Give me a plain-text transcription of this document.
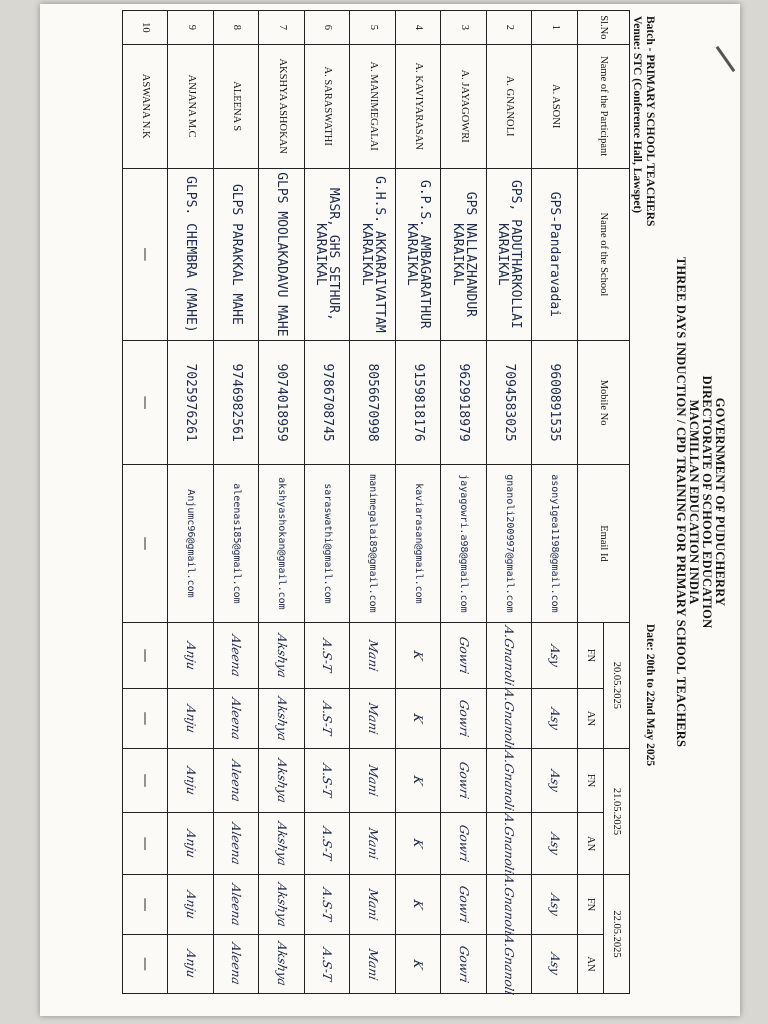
GOVERNMENT OF PUDUCHERRY
DIRECTORATE OF SCHOOL EDUCATION
MACMILLAN EDUCATION INDIA
THREE DAYS INDUCTION / CPD TRAINING FOR PRIMARY SCHOOL TEACHERS
Batch - PRIMARY SCHOOL TEACHERS
Venue: STC (Conference Hall, Lawspet)
Date: 20th to 22nd May 2025
Sl.No	Name of the Participant	Name of the School	Mobile No	Email Id	20.05.2025		21.05.2025		22.05.2025	
					FN	AN	FN	AN	FN	AN
1	A. ASONI	GPS-Pandaravadai	9600891535	asony1gea1198@gmail.com	Asy	Asy	Asy	Asy	Asy	Asy
2	A. GNANOLI	GPS, PADUTHARKOLLAI KARAIKAL	7094583025	gnanoli200997@gmail.com	A.Gnanoli	A.Gnanoli	A.Gnanoli	A.Gnanoli	A.Gnanoli	A.Gnanoli
3	A. JAYAGOWRI	GPS NALLAZHANDUR KARAIKAL	9629918979	jayagowri.a98@gmail.com	Gowri	Gowri	Gowri	Gowri	Gowri	Gowri
4	A. KAVIYARASAN	G.P.S. AMBAGARATHUR KARAIKAL	9159818176	kaviarasan@gmail.com	K	K	K	K	K	K
5	A. MANIMEGALAI	G.H.S. AKKARAIVATTAM KARAIKAL	8056670998	manimegalai89@gmail.com	Mani	Mani	Mani	Mani	Mani	Mani
6	A. SARASWATHI	MASR, GHS SETHUR, KARAIKAL	9786708745	saraswathi@gmail.com	A.S-T	A.S-T	A.S-T	A.S-T	A.S-T	A.S-T
7	AKSHYA ASHOKAN	GLPS MOOLAKADAVU MAHE	9074018959	akshyashokan@gmail.com	Akshya	Akshya	Akshya	Akshya	Akshya	Akshya
8	ALEENA S	GLPS PARAKKAL MAHE	9746982561	aleenas185@gmail.com	Aleena	Aleena	Aleena	Aleena	Aleena	Aleena
9	ANJANA M.C	GLPS. CHEMBRA (MAHE)	7025976261	Anjumc96@gmail.com	Anju	Anju	Anju	Anju	Anju	Anju
10	ASWANA N.K	—	—	—	—	—	—	—	—	—
